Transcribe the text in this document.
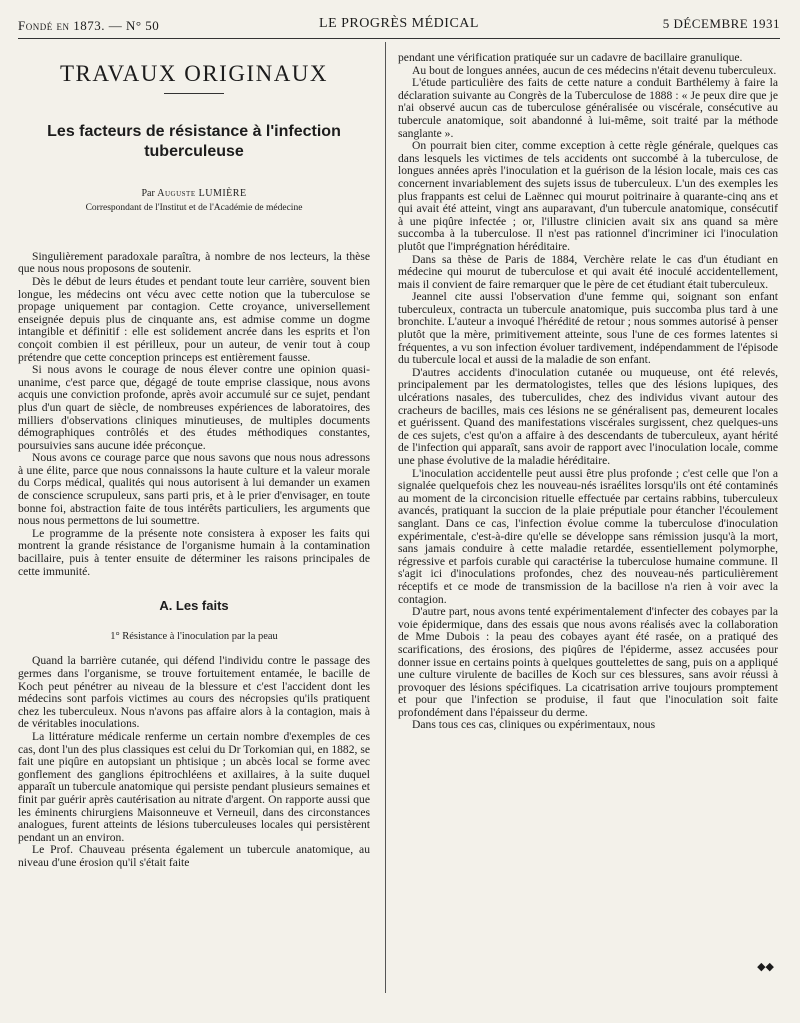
Fondé en 1873. — N° 50	LE PROGRÈS MÉDICAL	5 DÉCEMBRE 1931
TRAVAUX ORIGINAUX
Les facteurs de résistance à l'infection tuberculeuse
Par Auguste LUMIÈRE
Correspondant de l'Institut et de l'Académie de médecine

Singulièrement paradoxale paraîtra, à nombre de nos lecteurs, la thèse que nous nous proposons de soutenir.

Dès le début de leurs études et pendant toute leur carrière, souvent bien longue, les médecins ont vécu avec cette notion que la tuberculose se propage uniquement par contagion. Cette croyance, universellement enseignée depuis plus de cinquante ans, est admise comme un dogme intangible et définitif : elle est solidement ancrée dans les esprits et l'on conçoit combien il est périlleux, pour un auteur, de venir tout à coup prétendre que cette conception princeps est entièrement fausse.

Si nous avons le courage de nous élever contre une opinion quasi-unanime, c'est parce que, dégagé de toute emprise classique, nous avons acquis une conviction profonde, après avoir accumulé sur ce sujet, pendant plus d'un quart de siècle, de nombreuses expériences de laboratoires, des milliers d'observations cliniques minutieuses, de multiples documents démographiques contrôlés et des études méthodiques constantes, poursuivies sans aucune idée préconçue.

Nous avons ce courage parce que nous savons que nous nous adressons à une élite, parce que nous connaissons la haute culture et la valeur morale du Corps médical, qualités qui nous autorisent à lui demander un examen de conscience scrupuleux, sans parti pris, et à le prier d'envisager, en toute bonne foi, abstraction faite de tous intérêts particuliers, les arguments que nous nous permettons de lui soumettre.

Le programme de la présente note consistera à exposer les faits qui montrent la grande résistance de l'organisme humain à la contamination bacillaire, puis à tenter ensuite de déterminer les raisons principales de cette immunité.

A. Les faits
1° Résistance à l'inoculation par la peau

Quand la barrière cutanée, qui défend l'individu contre le passage des germes dans l'organisme, se trouve fortuitement entamée, le bacille de Koch peut pénétrer au niveau de la blessure et c'est l'accident dont les médecins sont parfois victimes au cours des nécropsies qu'ils pratiquent chez les tuberculeux. Nous n'avons pas affaire alors à la contagion, mais à de véritables inoculations.

La littérature médicale renferme un certain nombre d'exemples de ces cas, dont l'un des plus classiques est celui du Dr Torkomian qui, en 1882, se fait une piqûre en autopsiant un phtisique ; un abcès local se forme avec gonflement des ganglions épitrochléens et axillaires, à la suite duquel apparaît un tubercule anatomique qui persiste pendant plusieurs semaines et finit par guérir après cautérisation au nitrate d'argent. On rapporte aussi que les éminents chirurgiens Maisonneuve et Verneuil, dans des circonstances analogues, furent atteints de lésions tuberculeuses locales qui persistèrent pendant un an environ.

Le Prof. Chauveau présenta également un tubercule anatomique, au niveau d'une érosion qu'il s'était faite

pendant une vérification pratiquée sur un cadavre de bacillaire granulique.

Au bout de longues années, aucun de ces médecins n'était devenu tuberculeux.

L'étude particulière des faits de cette nature a conduit Barthélemy à faire la déclaration suivante au Congrès de la Tuberculose de 1888 : « Je peux dire que je n'ai observé aucun cas de tuberculose généralisée ou viscérale, consécutive au tubercule anatomique, soit abandonné à lui-même, soit traité par la méthode sanglante ».

On pourrait bien citer, comme exception à cette règle générale, quelques cas dans lesquels les victimes de tels accidents ont succombé à la tuberculose, de longues années après l'inoculation et la guérison de la lésion locale, mais ces cas concernent invariablement des sujets issus de tuberculeux. L'un des exemples les plus frappants est celui de Laënnec qui mourut poitrinaire à quarante-cinq ans et qui avait été atteint, vingt ans auparavant, d'un tubercule anatomique, consécutif à une piqûre infectée ; or, l'illustre clinicien avait six ans quand sa mère succomba à la tuberculose. Il n'est pas rationnel d'incriminer ici l'inoculation plutôt que l'imprégnation héréditaire.

Dans sa thèse de Paris de 1884, Verchère relate le cas d'un étudiant en médecine qui mourut de tuberculose et qui avait été inoculé accidentellement, mais il convient de faire remarquer que le père de cet étudiant était tuberculeux.

Jeannel cite aussi l'observation d'une femme qui, soignant son enfant tuberculeux, contracta un tubercule anatomique, puis succomba plus tard à une bronchite. L'auteur a invoqué l'hérédité de retour ; nous sommes autorisé à penser plutôt que la mère, primitivement atteinte, sous l'une de ces formes latentes si fréquentes, a vu son infection évoluer tardivement, indépendamment de l'épisode du tubercule local et aussi de la maladie de son enfant.

D'autres accidents d'inoculation cutanée ou muqueuse, ont été relevés, principalement par les dermatologistes, telles que des lésions lupiques, des ulcérations nasales, des tuberculides, chez des individus vivant autour des cracheurs de bacilles, mais ces lésions ne se généralisent pas, demeurent locales et guérissent. Quand des manifestations viscérales surgissent, chez quelques-uns de ces sujets, c'est qu'on a affaire à des descendants de tuberculeux, ayant hérité de l'infection qui apparaît, sans avoir de rapport avec l'inoculation locale, comme une phase évolutive de la maladie héréditaire.

L'inoculation accidentelle peut aussi être plus profonde ; c'est celle que l'on a signalée quelquefois chez les nouveau-nés israélites lorsqu'ils ont été contaminés au moment de la circoncision rituelle effectuée par certains rabbins, tuberculeux avancés, pratiquant la succion de la plaie préputiale pour étancher l'écoulement sanglant. Dans ce cas, l'infection évolue comme la tuberculose d'inoculation expérimentale, c'est-à-dire qu'elle se développe sans rémission jusqu'à la mort, sans jamais conduire à cette maladie retardée, essentiellement polymorphe, régressive et parfois curable qui caractérise la tuberculose humaine commune. Il s'agit ici d'inoculations profondes, chez des nouveau-nés particulièrement réceptifs et ce mode de transmission de la bacillose n'a rien à voir avec la contagion.

D'autre part, nous avons tenté expérimentalement d'infecter des cobayes par la voie épidermique, dans des essais que nous avons réalisés avec la collaboration de Mme Dubois : la peau des cobayes ayant été rasée, on a pratiqué des scarifications, des érosions, des piqûres de l'épiderme, assez accusées pour donner issue en certains points à quelques gouttelettes de sang, puis on a appliqué une culture virulente de bacilles de Koch sur ces blessures, sans avoir réussi à provoquer des lésions spécifiques. La cicatrisation arrive toujours promptement et pour que l'infection se produise, il faut que l'inoculation soit faite profondément dans l'épaisseur du derme.

Dans tous ces cas, cliniques ou expérimentaux, nous

◆◆
